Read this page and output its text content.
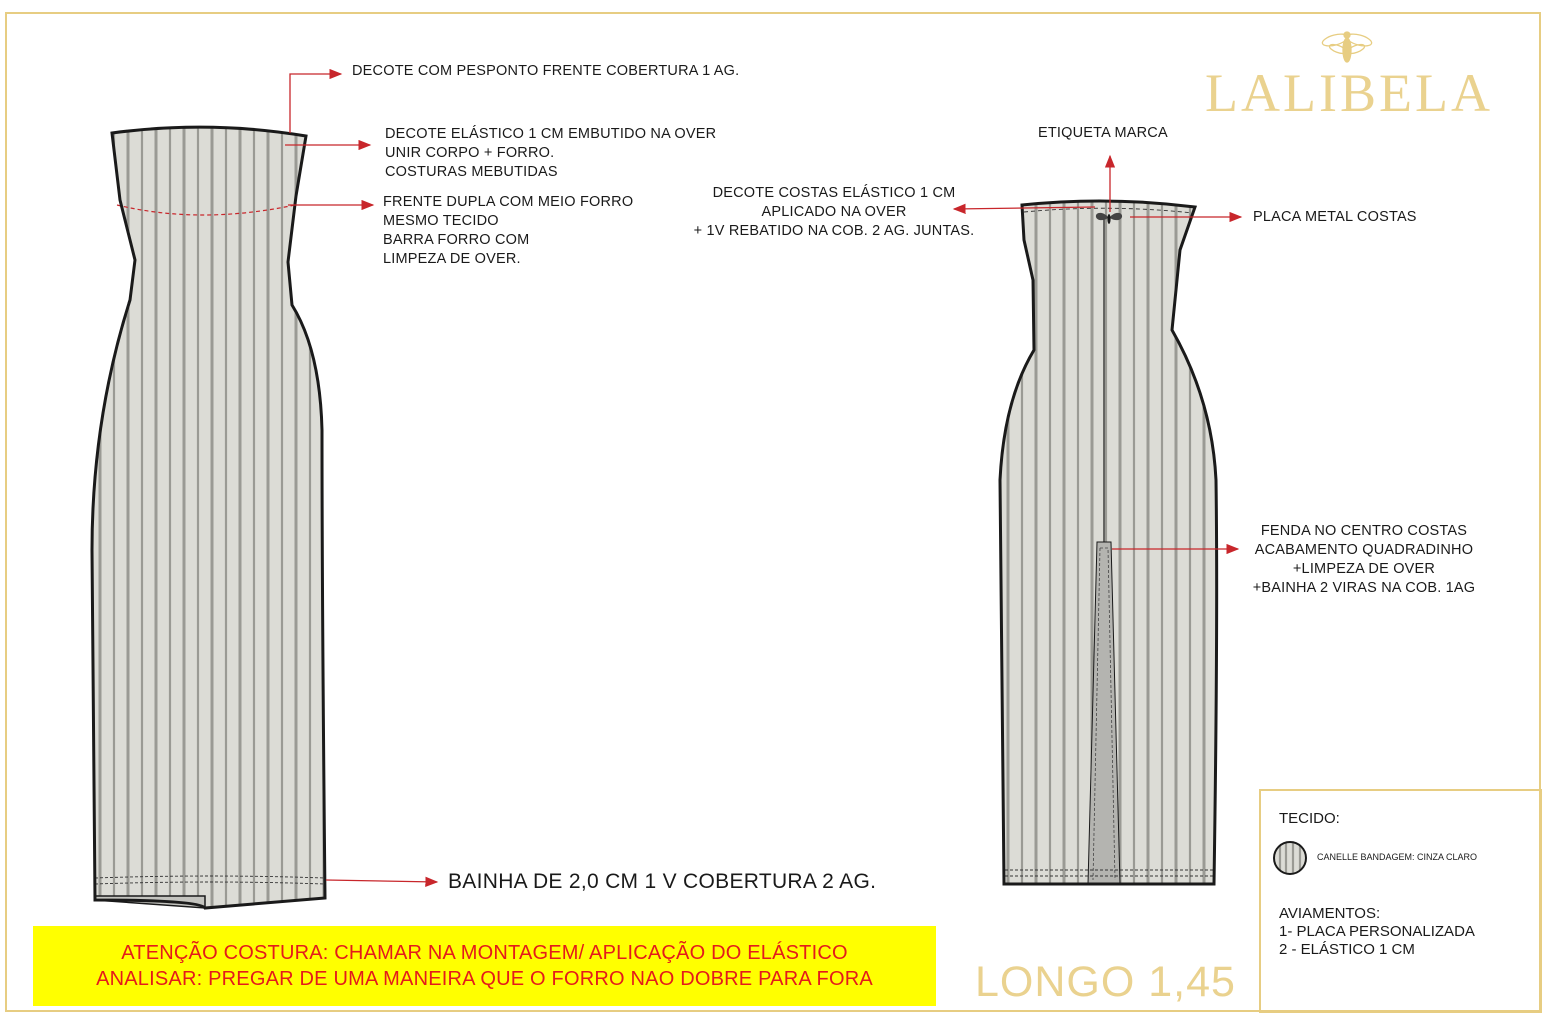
LALIBELA
DECOTE COM PESPONTO FRENTE COBERTURA 1 AG.
DECOTE ELÁSTICO 1 CM EMBUTIDO NA OVER
UNIR CORPO + FORRO.
COSTURAS MEBUTIDAS
FRENTE DUPLA COM MEIO FORRO
MESMO TECIDO
BARRA FORRO COM
LIMPEZA DE OVER.
BAINHA DE 2,0 CM 1 V COBERTURA 2 AG.
ETIQUETA MARCA
DECOTE COSTAS ELÁSTICO 1 CM
APLICADO NA OVER
+ 1V REBATIDO NA COB. 2 AG. JUNTAS.
PLACA METAL COSTAS
FENDA NO CENTRO COSTAS
ACABAMENTO QUADRADINHO
+LIMPEZA DE OVER
+BAINHA 2 VIRAS NA COB. 1AG
ATENÇÃO COSTURA: CHAMAR NA MONTAGEM/ APLICAÇÃO DO ELÁSTICO
ANALISAR: PREGAR DE UMA MANEIRA QUE O FORRO NAO DOBRE PARA FORA	LONGO 1,45
TECIDO:
CANELLE BANDAGEM: CINZA CLARO
AVIAMENTOS:
1- PLACA PERSONALIZADA
2 - ELÁSTICO 1 CM
